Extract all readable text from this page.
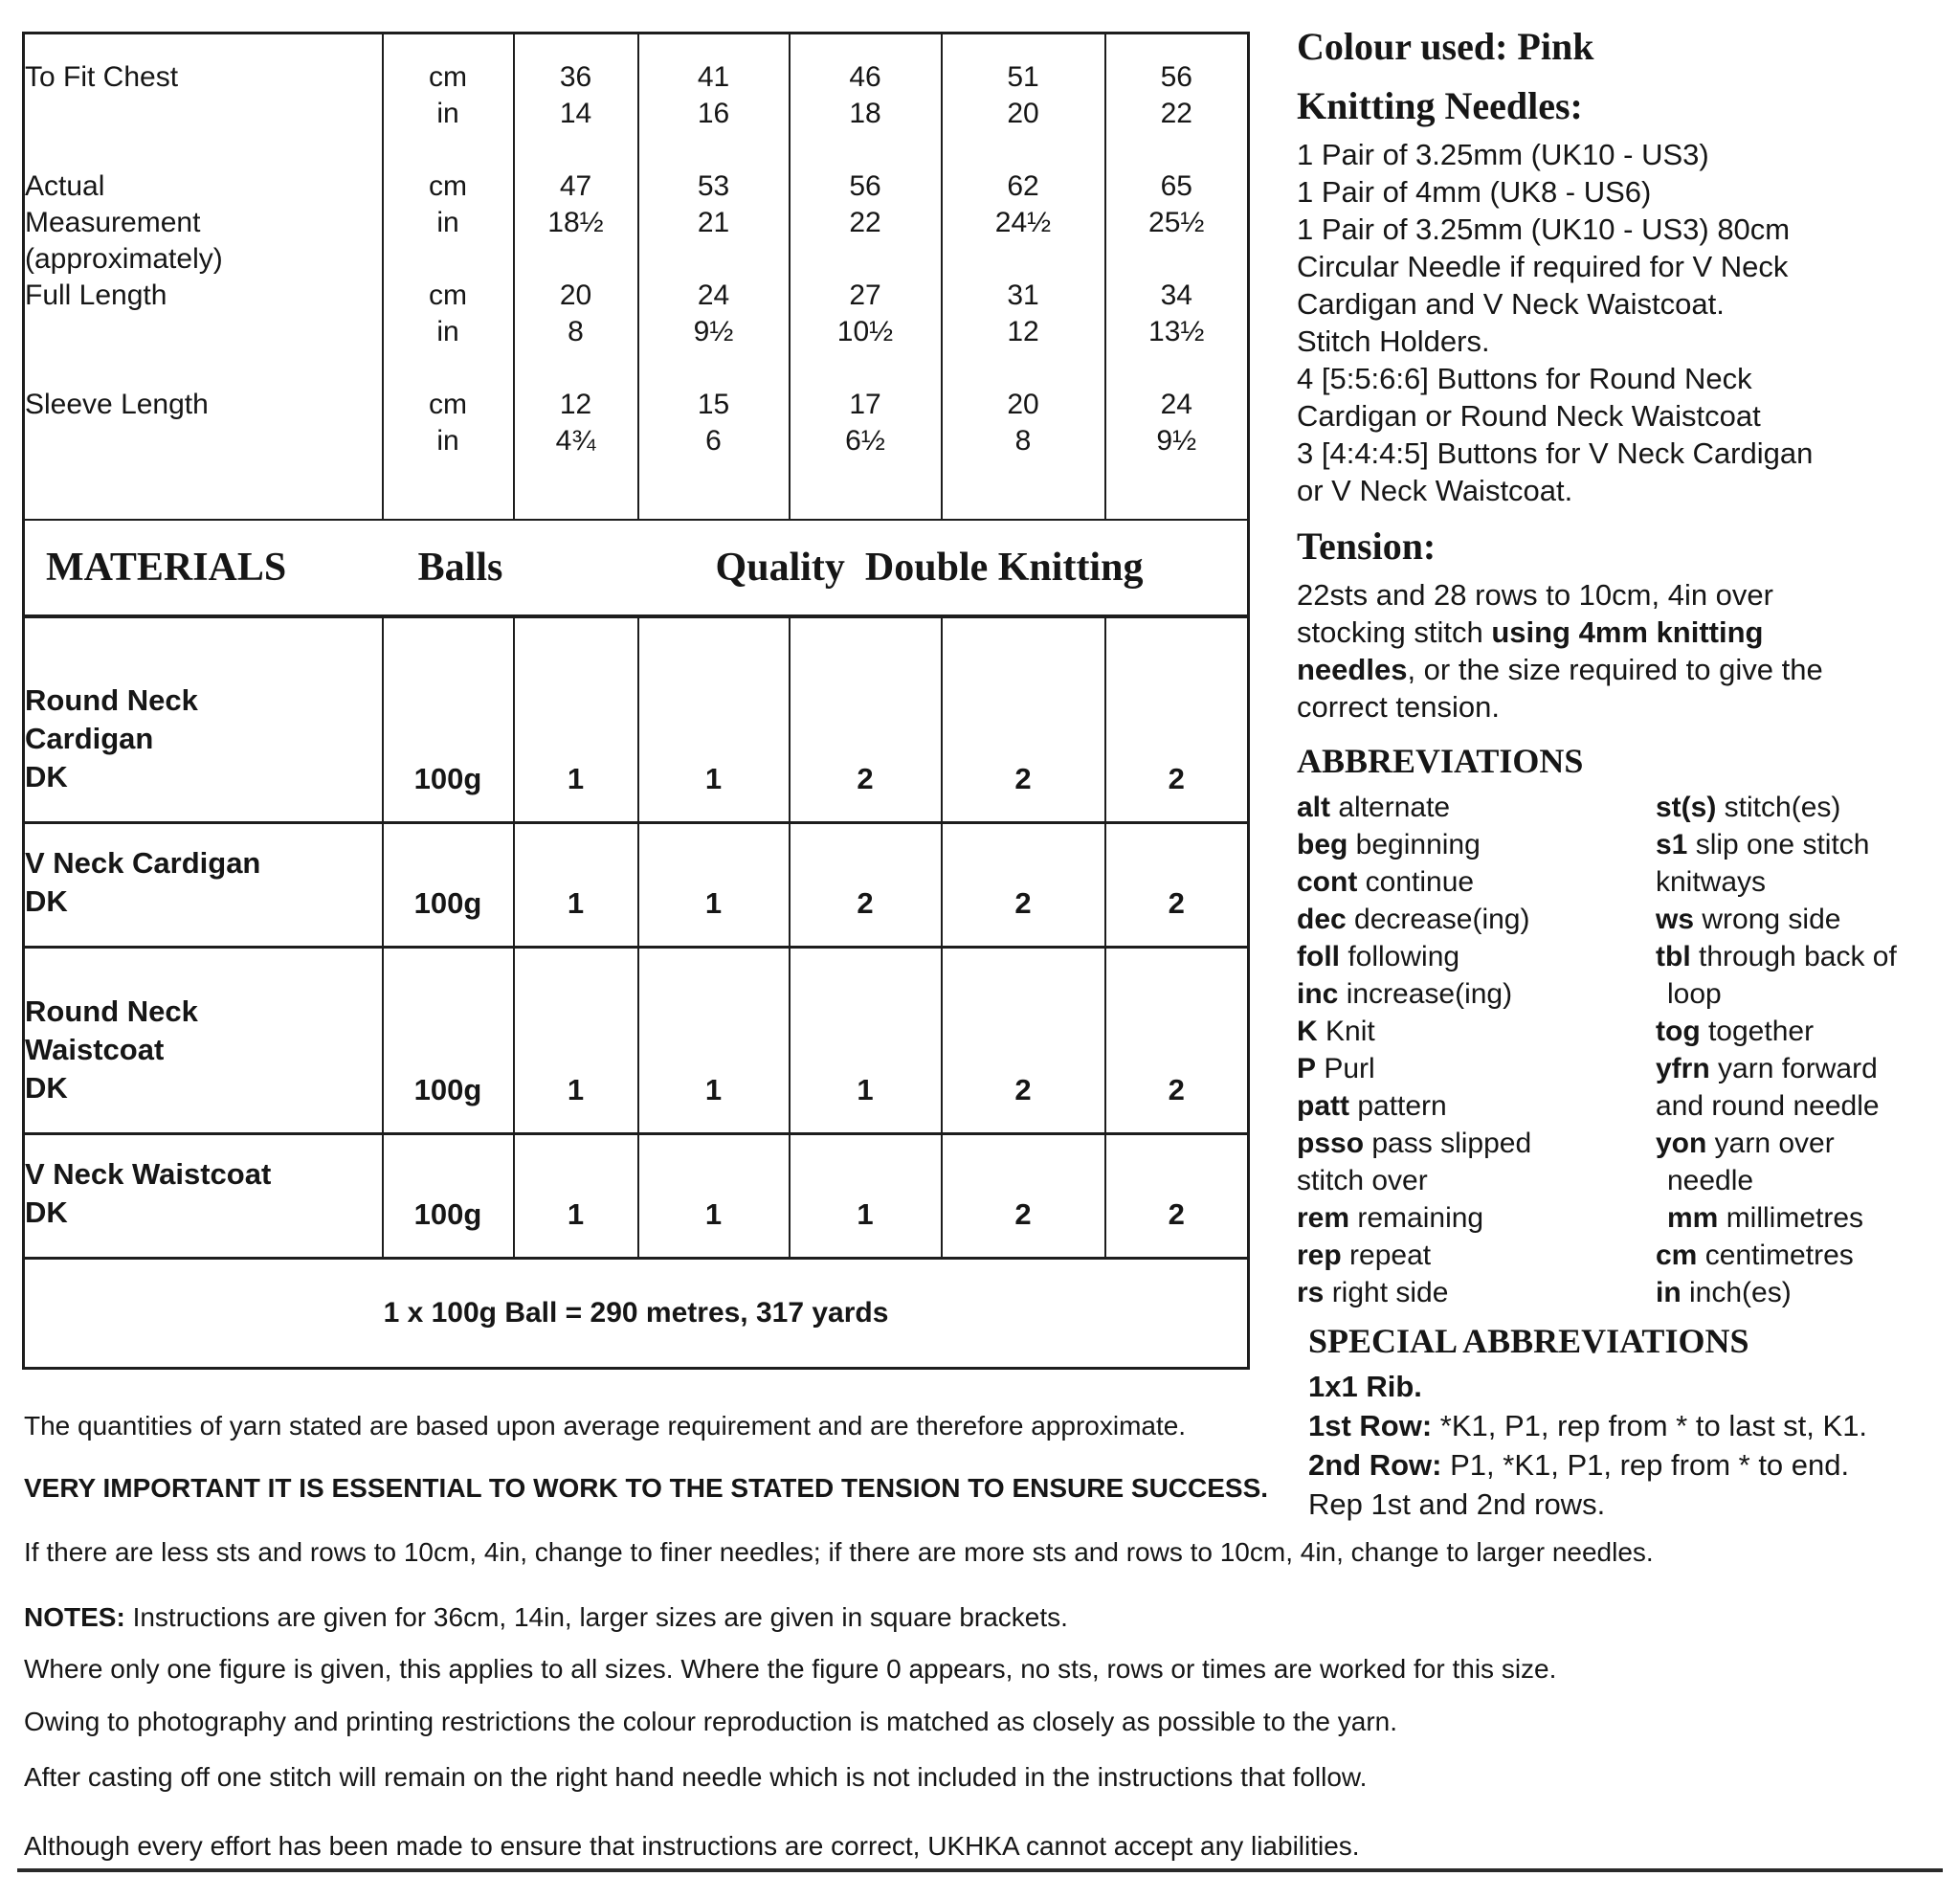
To Fit Chest	cm	36	41	46	51	56
	in	14	16	18	20	22

Actual	cm	47	53	56	62	65
Measurement	in	18½	21	22	24½	25½
(approximately)						
Full Length	cm	20	24	27	31	34
	in	8	9½	10½	12	13½

Sleeve Length	cm	12	15	17	20	24
	in	4¾	6	6½	8	9½

MATERIALS Balls Quality  Double Knitting						

Round Neck
Cardigan
DK	100g	1	1	2	2	2

V Neck Cardigan
DK	100g	1	1	2	2	2

Round Neck
Waistcoat
DK	100g	1	1	1	2	2

V Neck Waistcoat
DK	100g	1	1	1	2	2
1 x 100g Ball = 290 metres, 317 yards						
Colour used: Pink
Knitting Needles:
1 Pair of 3.25mm (UK10 - US3)
1 Pair of 4mm (UK8 - US6)
1 Pair of 3.25mm (UK10 - US3) 80cm
Circular Needle if required for V Neck
Cardigan and V Neck Waistcoat.
Stitch Holders.
4 [5:5:6:6] Buttons for Round Neck
Cardigan or Round Neck Waistcoat
3 [4:4:4:5] Buttons for V Neck Cardigan
or V Neck Waistcoat.
Tension:
22sts and 28 rows to 10cm, 4in over stocking stitch using 4mm knitting needles, or the size required to give the correct tension.
ABBREVIATIONS
alt alternate
beg beginning
cont continue
dec decrease(ing)
foll following
inc increase(ing)
K Knit
P Purl
patt pattern
psso pass slipped
stitch over
rem remaining
rep repeat
rs right side
st(s) stitch(es)
s1 slip one stitch
knitways
ws wrong side
tbl through back of
loop
tog together
yfrn yarn forward
and round needle
yon yarn over
needle
mm millimetres
cm centimetres
in inch(es)
SPECIAL ABBREVIATIONS
1x1 Rib.
1st Row: *K1, P1, rep from * to last st, K1.
2nd Row: P1, *K1, P1, rep from * to end.
Rep 1st and 2nd rows.

The quantities of yarn stated are based upon average requirement and are therefore approximate.

VERY IMPORTANT IT IS ESSENTIAL TO WORK TO THE STATED TENSION TO ENSURE SUCCESS.

If there are less sts and rows to 10cm, 4in, change to finer needles; if there are more sts and rows to 10cm, 4in, change to larger needles.

NOTES: Instructions are given for 36cm, 14in, larger sizes are given in square brackets.

Where only one figure is given, this applies to all sizes. Where the figure 0 appears, no sts, rows or times are worked for this size.

Owing to photography and printing restrictions the colour reproduction is matched as closely as possible to the yarn.

After casting off one stitch will remain on the right hand needle which is not included in the instructions that follow.

Although every effort has been made to ensure that instructions are correct, UKHKA cannot accept any liabilities.
